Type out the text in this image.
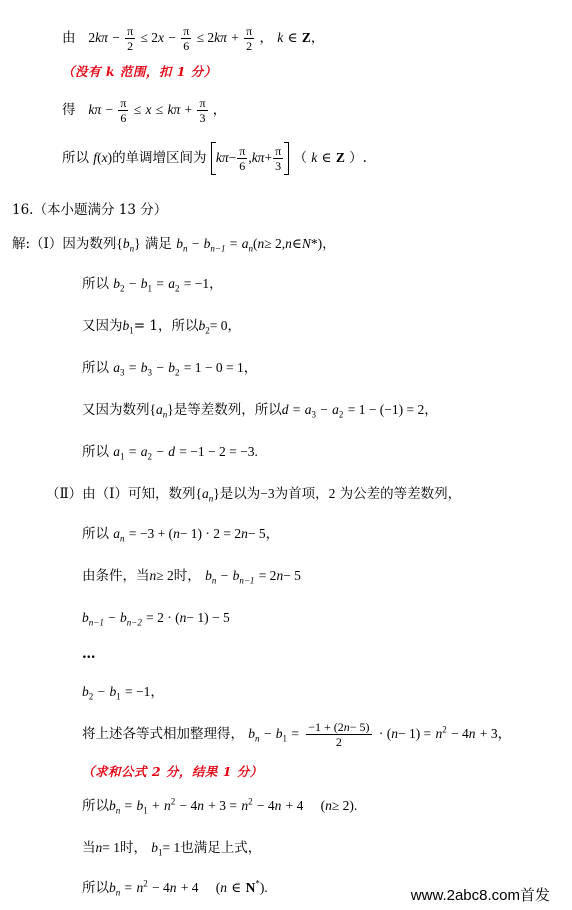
由 $2k\pi - \frac{\pi}{2} \le 2x - \frac{\pi}{6} \le 2k\pi + \frac{\pi}{2}$ ， k ∈ Z，
（没有 k 范围，扣 1 分）
得 $k\pi - \frac{\pi}{6} \le x \le k\pi + \frac{\pi}{3}$ ，
所以 f(x)的单调增区间为 $k\pi- \frac{\pi}{6} ,k\pi+ \frac{\pi}{3}$ （ k ∈ Z ）.
16.（本小题满分 13 分）
解:（Ⅰ）因为数列$\{b_n\}$ 满足 $b_n - b_{n-1} = a_n(n\ge$ 2,n∈N*)，
所以 $b_2 - b_1 = a_2 = -1$，
又因为$b_1= 1$，所以$b_2= 0$，
所以 $a_3 = b_3 - b_2 = 1 - 0 = 1$，
又因为数列$\{a_n\}$是等差数列，所以$d = a_3 - a_2 = 1 - (-1) = 2$，
所以 $a_1 = a_2 - d = -1 - 2 = -3$.
（Ⅱ）由（Ⅰ）可知，数列$\{a_n\}$是以为−3为首项，2 为公差的等差数列，
所以 $a_n = -3 + (n- 1) \cdot 2 = 2n- 5$，
由条件，当n≥ 2时， $b_n - b_{n-1} = 2n- 5$
$b_{n-1} - b_{n-2} = 2 \cdot (n- 1) - 5$
…
$b_2 - b_1 = -1$，
将上述各等式相加整理得， $b_n - b_1 = \frac{-1 + (2n- 5)}{2} \cdot (n- 1) = n^2 - 4n + 3$，
（求和公式 2 分，结果 1 分）
所以$b_n = b_1 + n^2 - 4n + 3 = n^2 - 4n + 4$ (n≥ 2).
当n= 1时， $b_1= 1$也满足上式，
所以$b_n = n^2 - 4n + 4$ (n ∈ N*).	www.2abc8.com首发
